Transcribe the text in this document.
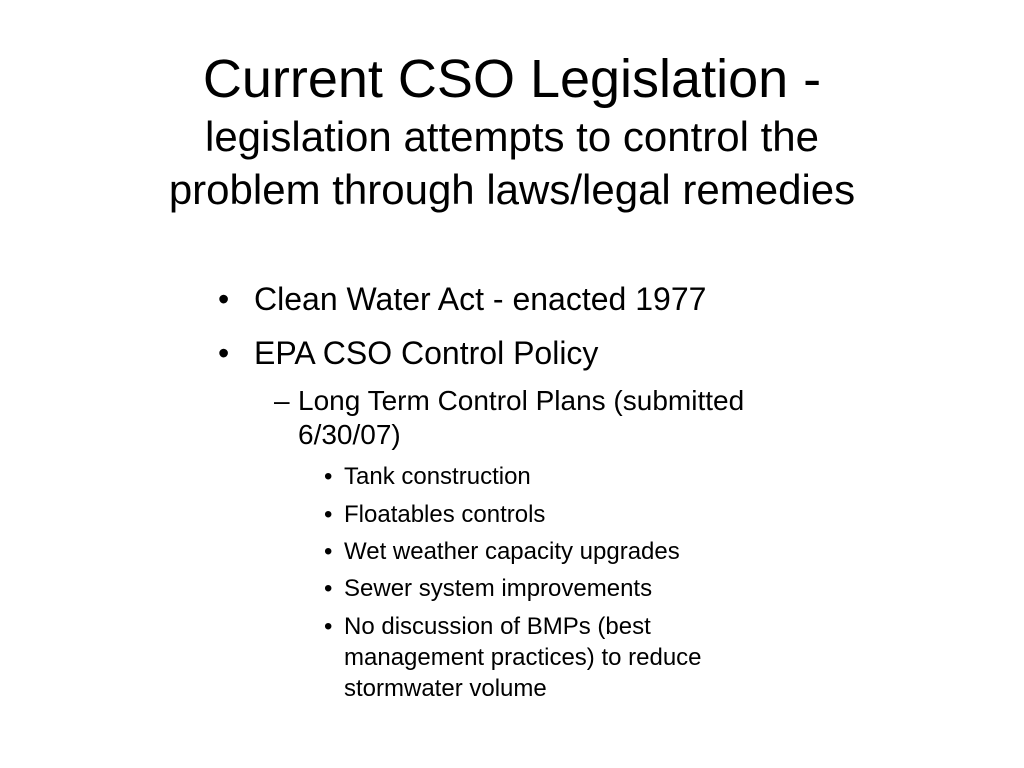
Current CSO Legislation -
legislation attempts to control the
problem through laws/legal remedies
• Clean Water Act - enacted 1977
• EPA CSO Control Policy
– Long Term Control Plans (submitted
6/30/07)
• Tank construction
• Floatables controls
• Wet weather capacity upgrades
• Sewer system improvements
• No discussion of BMPs (best
management practices) to reduce
stormwater volume
